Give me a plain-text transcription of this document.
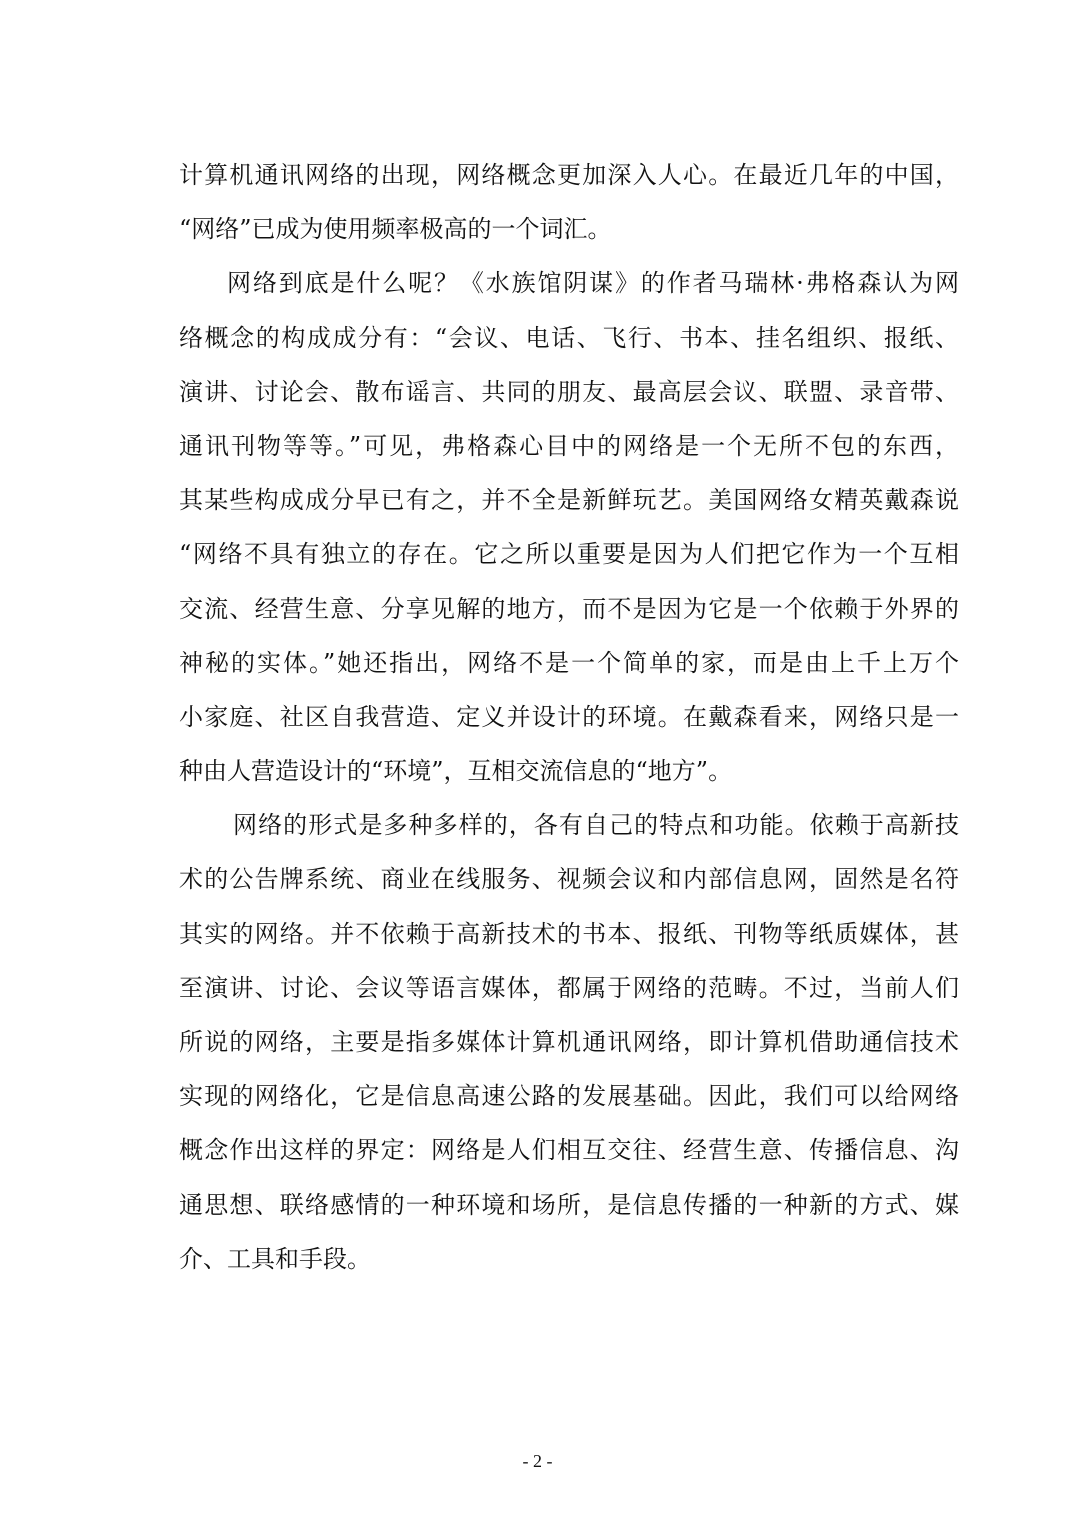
计算机通讯网络的出现，网络概念更加深入人心。在最近几年的中国，
“网络”已成为使用频率极高的一个词汇。
网络到底是什么呢？《水族馆阴谋》的作者马瑞林·弗格森认为网
络概念的构成成分有：“会议、电话、飞行、书本、挂名组织、报纸、
演讲、讨论会、散布谣言、共同的朋友、最高层会议、联盟、录音带、
通讯刊物等等。”可见，弗格森心目中的网络是一个无所不包的东西，
其某些构成成分早已有之，并不全是新鲜玩艺。美国网络女精英戴森说
“网络不具有独立的存在。它之所以重要是因为人们把它作为一个互相
交流、经营生意、分享见解的地方，而不是因为它是一个依赖于外界的
神秘的实体。”她还指出，网络不是一个简单的家，而是由上千上万个
小家庭、社区自我营造、定义并设计的环境。在戴森看来，网络只是一
种由人营造设计的“环境”，互相交流信息的“地方”。
网络的形式是多种多样的，各有自己的特点和功能。依赖于高新技
术的公告牌系统、商业在线服务、视频会议和内部信息网，固然是名符
其实的网络。并不依赖于高新技术的书本、报纸、刊物等纸质媒体，甚
至演讲、讨论、会议等语言媒体，都属于网络的范畴。不过，当前人们
所说的网络，主要是指多媒体计算机通讯网络，即计算机借助通信技术
实现的网络化，它是信息高速公路的发展基础。因此，我们可以给网络
概念作出这样的界定：网络是人们相互交往、经营生意、传播信息、沟
通思想、联络感情的一种环境和场所，是信息传播的一种新的方式、媒
介、工具和手段。
- 2 -
